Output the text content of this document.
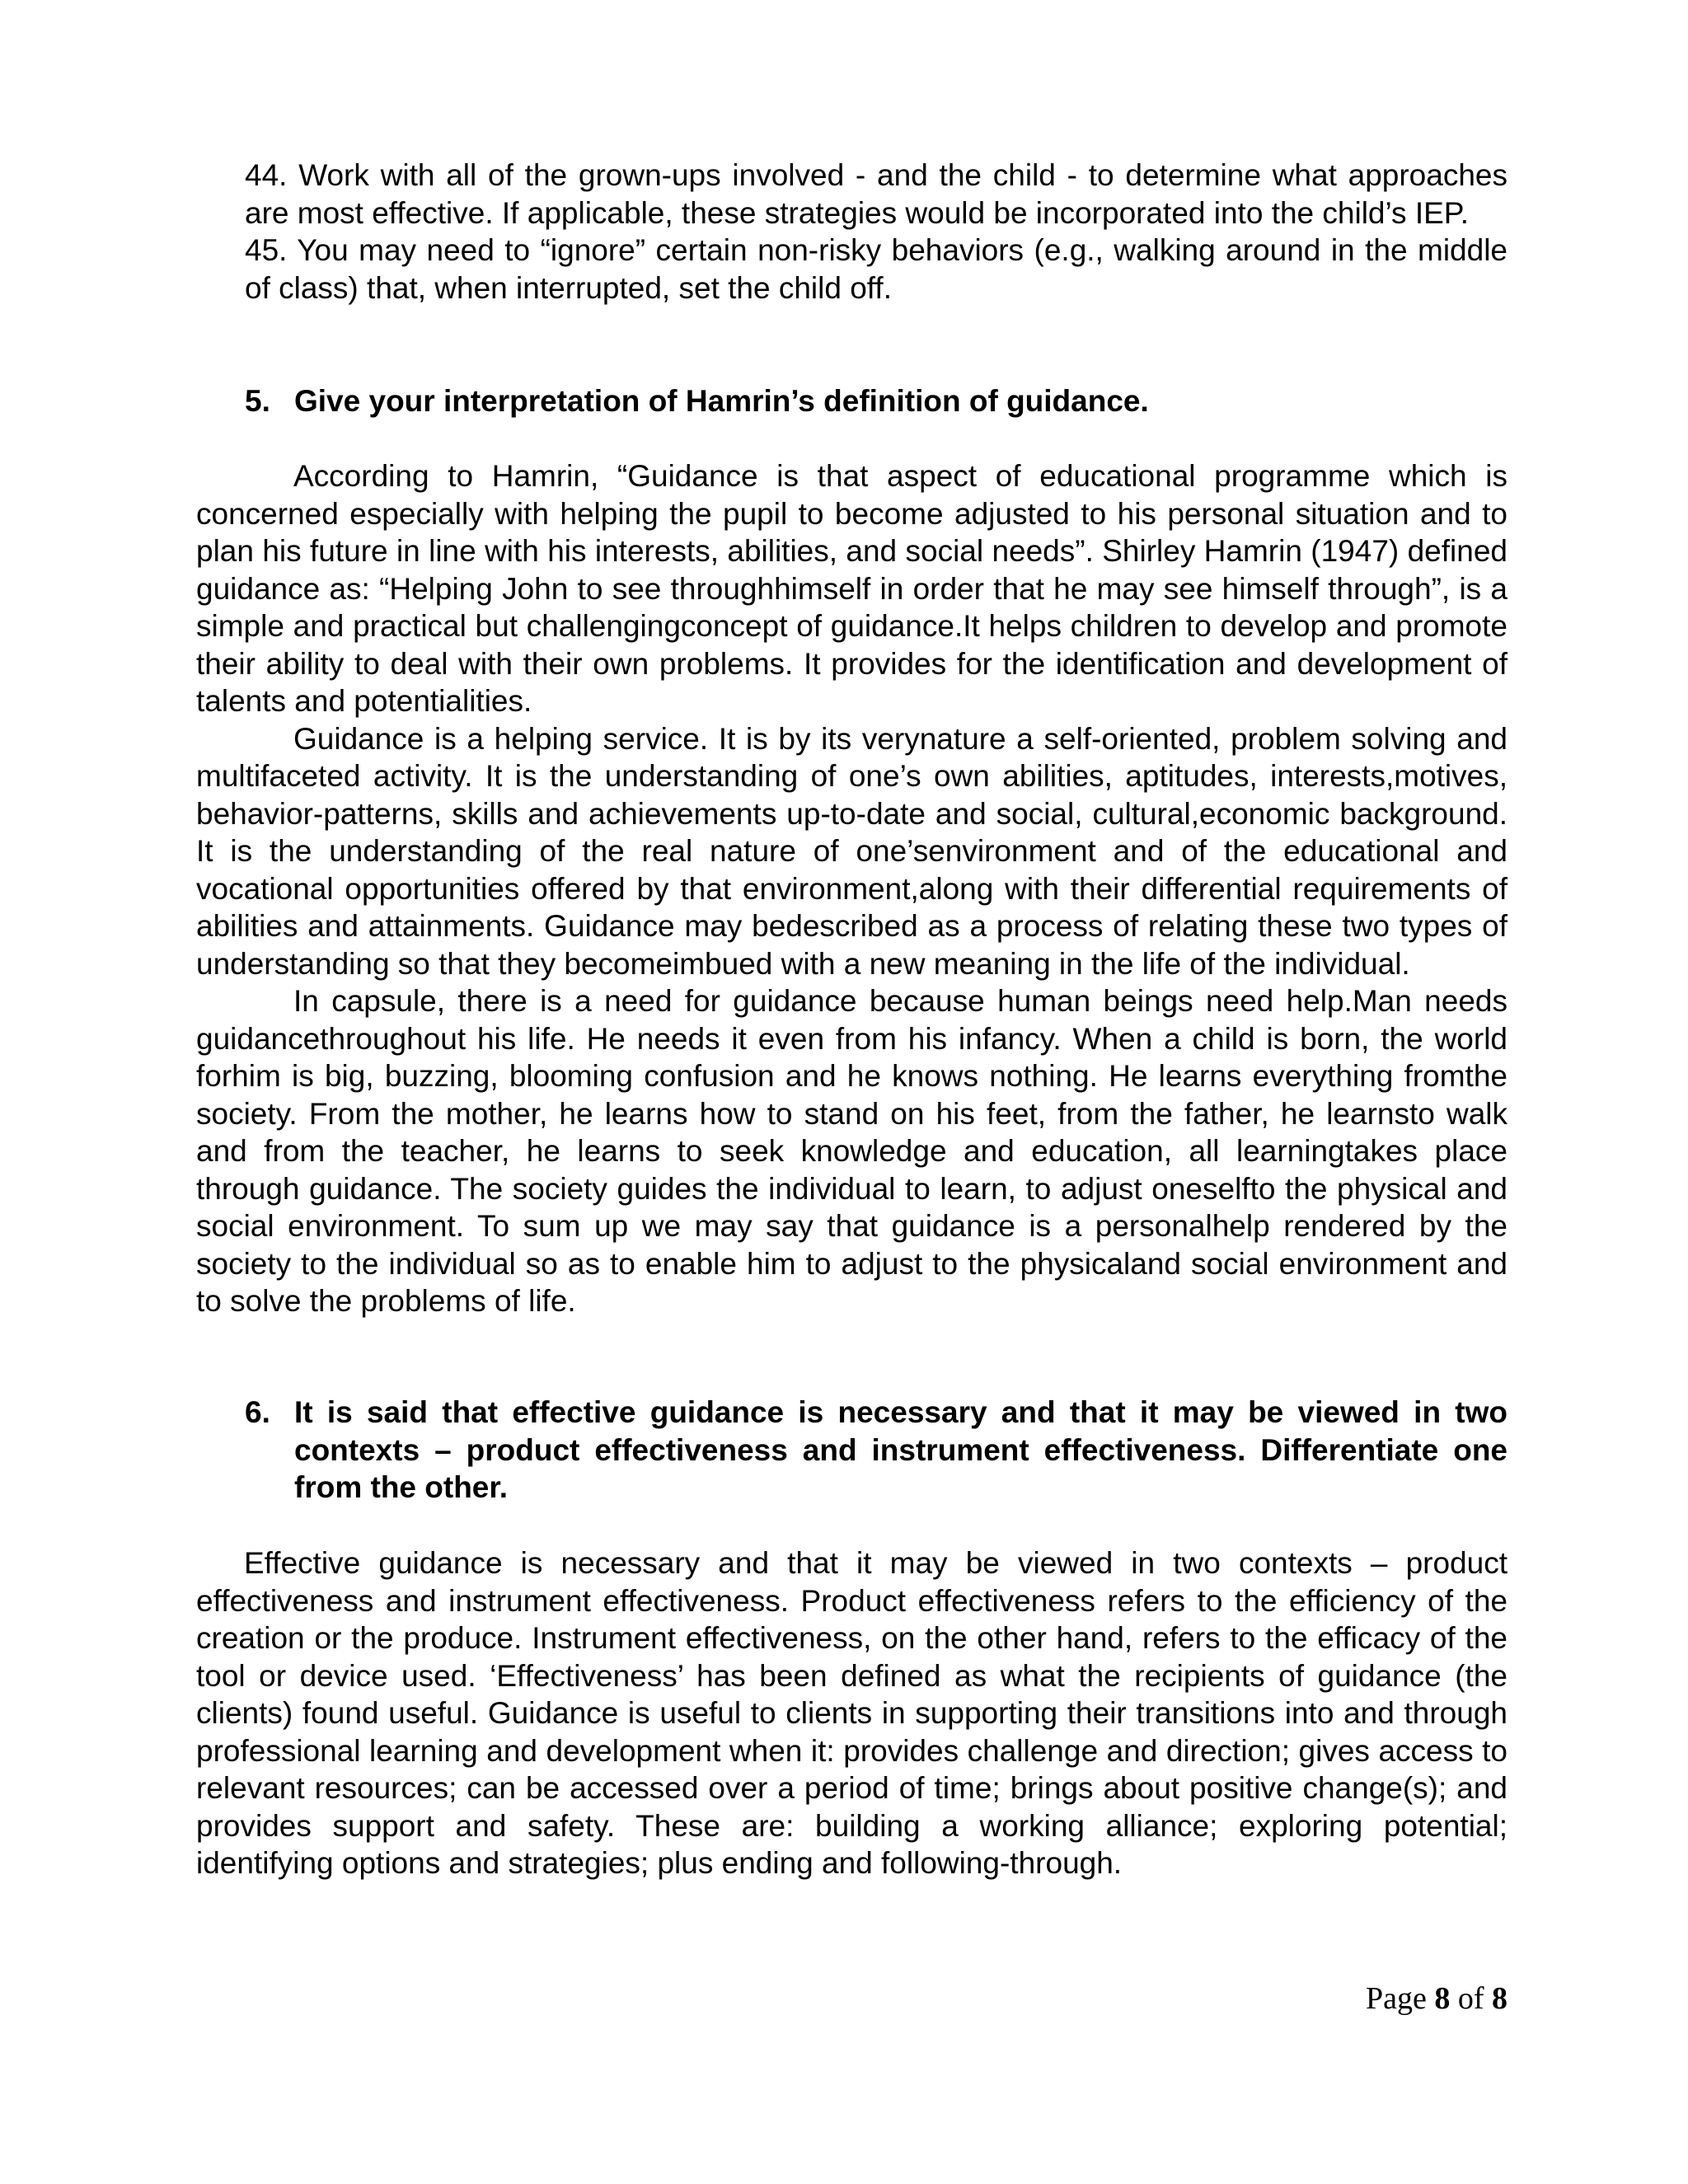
44. Work with all of the grown-ups involved - and the child - to determine what approaches are most effective. If applicable, these strategies would be incorporated into the child’s IEP.

45. You may need to “ignore” certain non-risky behaviors (e.g., walking around in the middle of class) that, when interrupted, set the child off.

5. Give your interpretation of Hamrin’s definition of guidance.

According to Hamrin, “Guidance is that aspect of educational programme which is concerned especially with helping the pupil to become adjusted to his personal situation and to plan his future in line with his interests, abilities, and social needs”. Shirley Hamrin (1947) defined guidance as: “Helping John to see throughhimself in order that he may see himself through”, is a simple and practical but challengingconcept of guidance.It helps children to develop and promote their ability to deal with their own problems. It provides for the identification and development of talents and potentialities.

Guidance is a helping service. It is by its verynature a self-oriented, problem solving and multifaceted activity. It is the understanding of one’s own abilities, aptitudes, interests,motives, behavior-patterns, skills and achievements up-to-date and social, cultural,economic background. It is the understanding of the real nature of one’senvironment and of the educational and vocational opportunities offered by that environment,along with their differential requirements of abilities and attainments. Guidance may bedescribed as a process of relating these two types of understanding so that they becomeimbued with a new meaning in the life of the individual.

In capsule, there is a need for guidance because human beings need help.Man needs guidancethroughout his life. He needs it even from his infancy. When a child is born, the world forhim is big, buzzing, blooming confusion and he knows nothing. He learns everything fromthe society. From the mother, he learns how to stand on his feet, from the father, he learnsto walk and from the teacher, he learns to seek knowledge and education, all learningtakes place through guidance. The society guides the individual to learn, to adjust oneselfto the physical and social environment. To sum up we may say that guidance is a personalhelp rendered by the society to the individual so as to enable him to adjust to the physicaland social environment and to solve the problems of life.

6. It is said that effective guidance is necessary and that it may be viewed in two contexts – product effectiveness and instrument effectiveness. Differentiate one from the other.

Effective guidance is necessary and that it may be viewed in two contexts – product effectiveness and instrument effectiveness. Product effectiveness refers to the efficiency of the creation or the produce. Instrument effectiveness, on the other hand, refers to the efficacy of the tool or device used. ‘Effectiveness’ has been defined as what the recipients of guidance (the clients) found useful. Guidance is useful to clients in supporting their transitions into and through professional learning and development when it: provides challenge and direction; gives access to relevant resources; can be accessed over a period of time; brings about positive change(s); and provides support and safety. These are: building a working alliance; exploring potential; identifying options and strategies; plus ending and following-through.

Page 8 of 8
